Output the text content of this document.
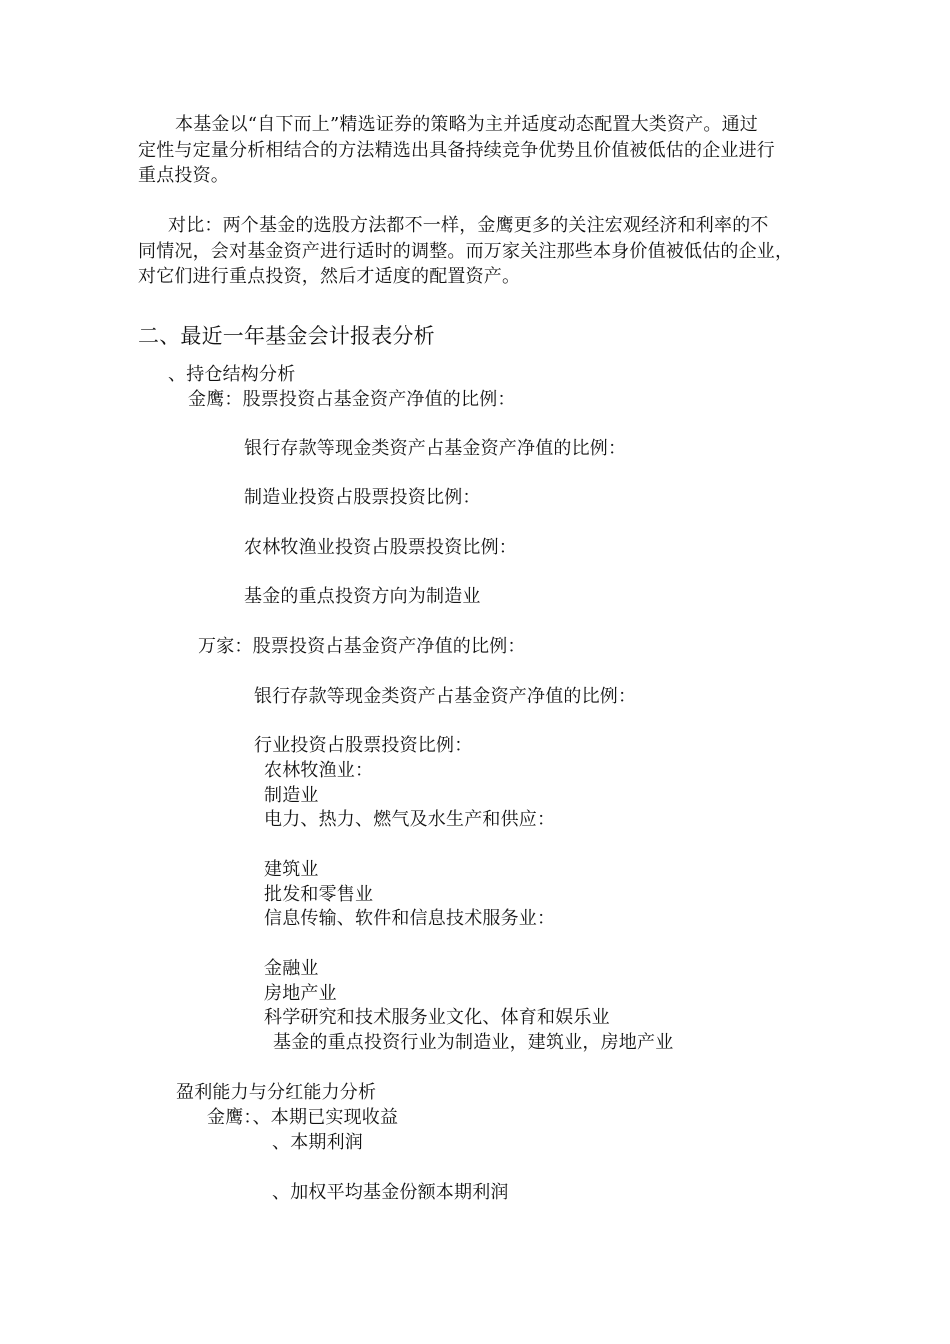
本基金以“自下而上”精选证券的策略为主并适度动态配置大类资产。通过
定性与定量分析相结合的方法精选出具备持续竞争优势且价值被低估的企业进行
重点投资。
对比：两个基金的选股方法都不一样，金鹰更多的关注宏观经济和利率的不
同情况，会对基金资产进行适时的调整。而万家关注那些本身价值被低估的企业，
对它们进行重点投资，然后才适度的配置资产。
二、最近一年基金会计报表分析
、持仓结构分析
金鹰：股票投资占基金资产净值的比例：
银行存款等现金类资产占基金资产净值的比例：
制造业投资占股票投资比例：
农林牧渔业投资占股票投资比例：
基金的重点投资方向为制造业
万家：股票投资占基金资产净值的比例：
银行存款等现金类资产占基金资产净值的比例：
行业投资占股票投资比例：
农林牧渔业：
制造业
电力、热力、燃气及水生产和供应：
建筑业
批发和零售业
信息传输、软件和信息技术服务业：
金融业
房地产业
科学研究和技术服务业文化、体育和娱乐业
基金的重点投资行业为制造业，建筑业，房地产业
盈利能力与分红能力分析
金鹰：、本期已实现收益
、本期利润
、加权平均基金份额本期利润
